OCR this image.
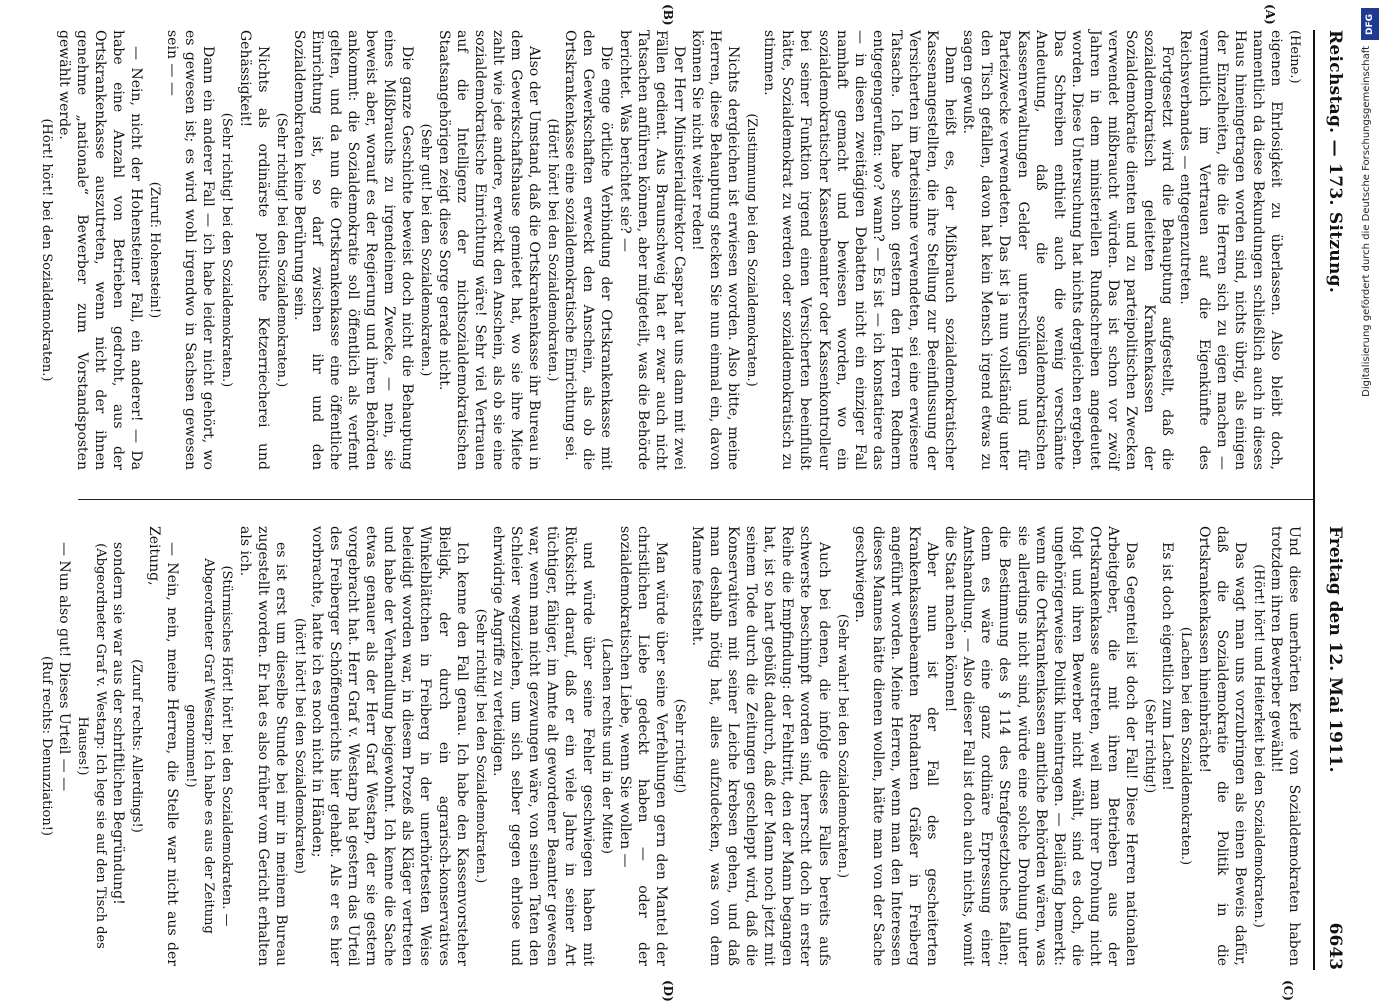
Reichstag. — 173. Sitzung.
Freitag den 12. Mai 1911.
6643
(A)
(B)
(C)
(D)

(Heine.)

eigenen Ehrlosigkeit zu überlassen. Also bleibt doch, namentlich da diese Bekundungen schließlich auch in dieses Haus hineingetragen worden sind, nichts übrig, als einigen der Einzelheiten, die die Herren sich zu eigen machen — vermutlich im Vertrauen auf die Eigenkünfte des Reichsverbandes — entgegenzutreten.

Fortgesetzt wird die Behauptung aufgestellt, daß die sozialdemokratisch geleiteten Krankenkassen der Sozialdemokratie dienten und zu parteipolitischen Zwecken verwendet mißbraucht würden. Das ist schon vor zwölf Jahren in dem ministeriellen Rundschreiben angedeutet worden. Diese Untersuchung hat nichts dergleichen ergeben. Das Schreiben enthielt auch die wenig verschämte Andeutung, daß die sozialdemokratischen Kassenverwaltungen Gelder unterschlügen und für Parteizwecke verwendeten. Das ist ja nun vollständig unter den Tisch gefallen, davon hat kein Mensch irgend etwas zu sagen gewußt.

Dann heißt es, der Mißbrauch sozialdemokratischer Kassenangestellten, die ihre Stellung zur Beeinflussung der Versicherten im Parteisinne verwendeten, sei eine erwiesene Tatsache. Ich habe schon gestern den Herren Rednern entgegengerufen: wo? wann? — Es ist — ich konstatiere das — in diesen zweitägigen Debatten nicht ein einziger Fall namhaft gemacht und bewiesen worden, wo ein sozialdemokratischer Kassenbeamter oder Kassenkontrolleur bei seiner Funktion irgend einen Versicherten beeinflußt hätte, Sozialdemokrat zu werden oder sozialdemokratisch zu stimmen.

(Zustimmung bei den Sozialdemokraten.)

Nichts dergleichen ist erwiesen worden. Also bitte, meine Herren, diese Behauptung stecken Sie nun einmal ein, davon können Sie nicht weiter reden!

Der Herr Ministerialdirektor Caspar hat uns dann mit zwei Fällen gedient. Aus Braunschweig hat er zwar auch nicht Tatsachen anführen können, aber mitgeteilt, was die Behörde berichtet. Was berichtet sie? —

Die enge örtliche Verbindung der Ortskrankenkasse mit den Gewerkschaften erweckt den Anschein, als ob die Ortskrankenkasse eine sozialdemokratische Einrichtung sei.

(Hört! hört! bei den Sozialdemokraten.)

Also der Umstand, daß die Ortskrankenkasse ihr Bureau in dem Gewerkschaftshause gemietet hat, wo sie ihre Miete zahlt wie jede andere, erweckt den Anschein, als ob sie eine sozialdemokratische Einrichtung wäre! Sehr viel Vertrauen auf die Intelligenz der nichtsozialdemokratischen Staatsangehörigen zeigt diese Sorge gerade nicht.

(Sehr gut! bei den Sozialdemokraten.)

Die ganze Geschichte beweist doch nicht die Behauptung eines Mißbrauchs zu irgendeinem Zwecke, — nein, sie beweist aber, worauf es der Regierung und ihren Behörden ankommt: die Sozialdemokratie soll öffentlich als verfemt gelten, und da nun die Ortskrankenkasse eine öffentliche Einrichtung ist, so darf zwischen ihr und den Sozialdemokraten keine Berührung sein.

(Sehr richtig! bei den Sozialdemokraten.)

Nichts als ordinärste politische Ketzerriecherei und Gehässigkeit!

(Sehr richtig! bei den Sozialdemokraten.)

Dann ein anderer Fall — ich habe leider nicht gehört, wo es gewesen ist; es wird wohl irgendwo in Sachsen gewesen sein — —

(Zuruf: Hohenstein!)

— Nein, nicht der Hohensteiner Fall, ein anderer! — Da habe eine Anzahl von Betrieben gedroht, aus der Ortskrankenkasse auszutreten, wenn nicht der ihnen genehme „nationale“ Bewerber zum Vorstandsposten gewählt werde.

(Hört! hört! bei den Sozialdemokraten.)

Und diese unerhörten Kerle von Sozialdemokraten haben trotzdem ihren Bewerber gewählt!

(Hört! hört! und Heiterkeit bei den Sozialdemokraten.)

Das wagt man uns vorzubringen als einen Beweis dafür, daß die Sozialdemokratie die Politik in die Ortskrankenkassen hineinbrächte!

(Lachen bei den Sozialdemokraten.)

Es ist doch eigentlich zum Lachen!

(Sehr richtig!)

Das Gegenteil ist doch der Fall! Diese Herren nationalen Arbeitgeber, die mit ihren Betrieben aus der Ortskrankenkasse austreten, weil man ihrer Drohung nicht folgt und ihren Bewerber nicht wählt, sind es doch, die ungehörigerweise Politik hineintragen. — Beiläufig bemerkt: wenn die Ortskrankenkassen amtliche Behörden wären, was sie allerdings nicht sind, würde eine solche Drohung unter die Bestimmung des § 114 des Strafgesetzbuches fallen; denn es wäre eine ganz ordinäre Erpressung einer Amtshandlung. — Also dieser Fall ist doch auch nichts, womit die Staat machen können!

Aber nun ist der Fall des gescheiterten Krankenkassenbeamten Rendanten Gräßer in Freiberg angeführt worden. Meine Herren, wenn man den Interessen dieses Mannes hätte dienen wollen, hätte man von der Sache geschwiegen.

(Sehr wahr! bei den Sozialdemokraten.)

Auch bei denen, die infolge dieses Falles bereits aufs schwerste beschimpft worden sind, herrscht doch in erster Reihe die Empfindung: der Fehltritt, den der Mann begangen hat, ist so hart gebüßt dadurch, daß der Mann noch jetzt mit seinem Tode durch die Zeitungen geschleppt wird, daß die Konservativen mit seiner Leiche krebsen gehen, und daß man deshalb nötig hat, alles aufzudecken, was von dem Manne feststeht.

(Sehr richtig!)

Man würde über seine Verfehlungen gern den Mantel der christlichen Liebe gedeckt haben — oder der sozialdemokratischen Liebe, wenn Sie wollen —

(Lachen rechts und in der Mitte)

und würde über seine Fehler geschwiegen haben mit Rücksicht darauf, daß er ein viele Jahre in seiner Art tüchtiger, fähiger, im Amte alt gewordener Beamter gewesen war, wenn man nicht gezwungen wäre, von seinen Taten den Schleier wegzuziehen, um sich selber gegen ehrlose und ehrwidrige Angriffe zu verteidigen.

(Sehr richtig! bei den Sozialdemokraten.)

Ich kenne den Fall genau. Ich habe den Kassenvorsteher Bieligk, der durch ein agrarisch-konservatives Winkelblättchen in Freiberg in der unerhörtesten Weise beleidigt worden war, in diesem Prozeß als Kläger vertreten und habe der Verhandlung beigewohnt. Ich kenne die Sache etwas genauer als der Herr Graf Westarp, der sie gestern vorgebracht hat. Herr Graf v. Westarp hat gestern das Urteil des Freiberger Schöffengerichts hier gehabt. Als er es hier vorbrachte, hatte ich es noch nicht in Händen;

(hört! hört! bei den Sozialdemokraten)

es ist erst um dieselbe Stunde bei mir in meinem Bureau zugestellt worden. Er hat es also früher vom Gericht erhalten als ich.

(Stürmisches Hört! hört! bei den Sozialdemokraten. — Abgeordneter Graf Westarp: Ich habe es aus der Zeitung genommen!)

— Nein, nein, meine Herren, die Stelle war nicht aus der Zeitung,

(Zuruf rechts: Allerdings!)

sondern sie war aus der schriftlichen Begründung!

(Abgeordneter Graf v. Westarp: Ich lege sie auf den Tisch des Hauses!)

— Nun also gut! Dieses Urteil — —

(Ruf rechts: Denunziation!)

DFG
Digitalisierung gefördert durch die Deutsche Forschungsgemeinschaft
